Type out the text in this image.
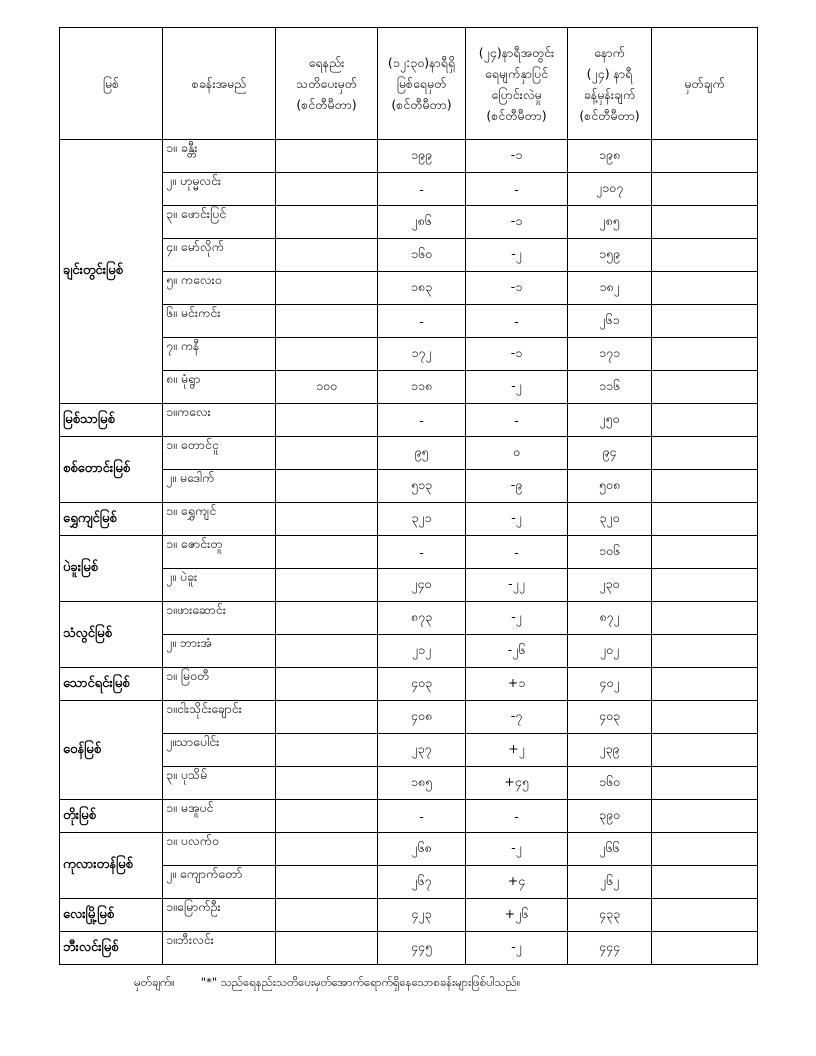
မြစ်	စခန်းအမည်	ရေနည်း
သတိပေးမှတ်
(စင်တီမီတာ)	(၁၂:၃၀)နာရီရှိ
မြစ်ရေမှတ်
(စင်တီမီတာ)	(၂၄)နာရီအတွင်း
ရေမျက်နှာပြင်
ပြောင်းလဲမှု
(စင်တီမီတာ)	နောက်
(၂၄) နာရီ
ခန့်မှန်းချက်
(စင်တီမီတာ)	မှတ်ချက်

ချင်းတွင်းမြစ်	၁။ ခန္တီး		၁၉၉	-၁	၁၉၈	
	၂။ ဟုမ္မလင်း		-	-	၂၁၀၇	
	၃။ ဖောင်းပြင်		၂၈၆	-၁	၂၈၅	
	၄။ မော်လိုက်		၁၆၀	-၂	၁၅၉	
	၅။ ကလေးဝ		၁၈၃	-၁	၁၈၂	
	၆။ မင်းကင်း		-	-	၂၆၁	
	၇။ ကနီ		၁၇၂	-၁	၁၇၁	
	၈။ မုံရွာ	၁၀၀	၁၁၈	-၂	၁၁၆	
မြစ်သာမြစ်	၁။ကလေး		-	-	၂၅၀	
စစ်တောင်းမြစ်	၁။ တောင်ငူ		၉၅	၀	၉၄	
	၂။ မဒေါက်		၅၁၃	-၉	၅၀၈	
ရွှေကျင်မြစ်	၁။ ရွှေကျင်		၃၂၁	-၂	၃၂၀	
ပဲခူးမြစ်	၁။ ဇောင်းတူ		-	-	၁၀၆	
	၂။ ပဲခူး		၂၄၀	-၂၂	၂၃၀	
သံလွင်မြစ်	၁။ဖားဆောင်း		၈၇၃	-၂	၈၇၂	
	၂။ ဘားအံ		၂၁၂	-၂၆	၂၀၂	
သောင်ရင်းမြစ်	၁။ မြဝတီ		၄၀၃	+၁	၄၀၂	
ဝေန်မြစ်	၁။ငါးသိုင်းချောင်း		၄၀၈	-၇	၄၀၃	
	၂။သာပေါင်း		၂၃၇	+၂	၂၃၉	
	၃။ ပုသိမ်		၁၈၅	+၄၅	၁၆၀	
တိုးမြစ်	၁။ မအူပင်		-	-	၃၉၀	
ကုလားတန်မြစ်	၁။ ပလက်ဝ		၂၆၈	-၂	၂၆၆	
	၂။ ကျောက်တော်		၂၆၇	+၄	၂၆၂	
လေးမြို့မြစ်	၁။မြောက်ဦး		၄၂၃	+၂၆	၄၃၃	
ဘီးလင်းမြစ်	၁။ဘီးလင်း		၄၄၅	-၂	၄၄၄	
မှတ်ချက်။ "*" သည်ရေနည်းသတိပေးမှတ်အောက်ရောက်ရှိနေသောစခန်းများဖြစ်ပါသည်။
